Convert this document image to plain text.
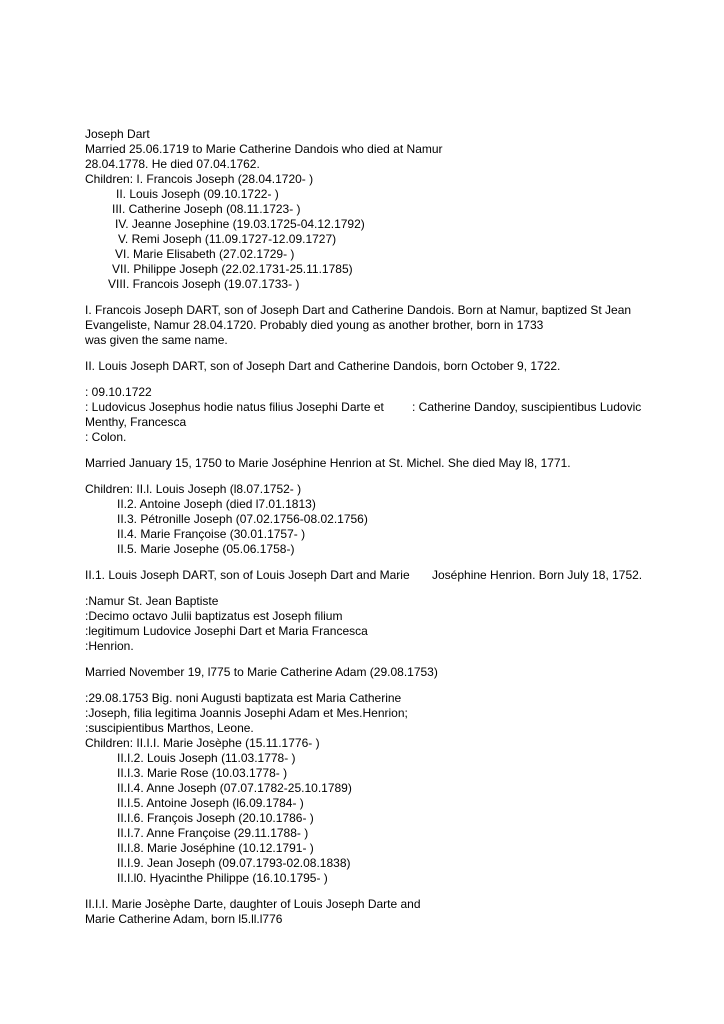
Joseph Dart
Married 25.06.1719 to Marie Catherine Dandois who died at Namur
28.04.1778. He died 07.04.1762.
Children: I. Francois Joseph (28.04.1720- )
II. Louis Joseph (09.10.1722- )
III. Catherine Joseph (08.11.1723- )
IV. Jeanne Josephine (19.03.1725-04.12.1792)
V. Remi Joseph (11.09.1727-12.09.1727)
VI. Marie Elisabeth (27.02.1729- )
VII. Philippe Joseph (22.02.1731-25.11.1785)
VIII. Francois Joseph (19.07.1733- )
I. Francois Joseph DART, son of Joseph Dart and Catherine Dandois. Born at Namur, baptized St Jean
Evangeliste, Namur 28.04.1720. Probably died young as another brother, born in 1733
was given the same name.
II. Louis Joseph DART, son of Joseph Dart and Catherine Dandois, born October 9, 1722.
: 09.10.1722
: Ludovicus Josephus hodie natus filius Josephi Darte et : Catherine Dandoy, suscipientibus Ludovic
Menthy, Francesca
: Colon.
Married January 15, 1750 to Marie Joséphine Henrion at St. Michel. She died May l8, 1771.
Children: II.l. Louis Joseph (l8.07.1752- )
II.2. Antoine Joseph (died l7.01.1813)
II.3. Pétronille Joseph (07.02.1756-08.02.1756)
II.4. Marie Françoise (30.01.1757- )
II.5. Marie Josephe (05.06.1758-)
II.1. Louis Joseph DART, son of Louis Joseph Dart and Marie Joséphine Henrion. Born July 18, 1752.
:Namur St. Jean Baptiste
:Decimo octavo Julii baptizatus est Joseph filium
:legitimum Ludovice Josephi Dart et Maria Francesca
:Henrion.
Married November 19, l775 to Marie Catherine Adam (29.08.1753)
:29.08.1753 Big. noni Augusti baptizata est Maria Catherine
:Joseph, filia legitima Joannis Josephi Adam et Mes.Henrion;
:suscipientibus Marthos, Leone.
Children: II.I.I. Marie Josèphe (15.11.1776- )
II.I.2. Louis Joseph (11.03.1778- )
II.I.3. Marie Rose (10.03.1778- )
II.I.4. Anne Joseph (07.07.1782-25.10.1789)
II.I.5. Antoine Joseph (l6.09.1784- )
II.I.6. François Joseph (20.10.1786- )
II.I.7. Anne Françoise (29.11.1788- )
II.I.8. Marie Joséphine (10.12.1791- )
II.I.9. Jean Joseph (09.07.1793-02.08.1838)
II.I.l0. Hyacinthe Philippe (16.10.1795- )
II.I.I. Marie Josèphe Darte, daughter of Louis Joseph Darte and
Marie Catherine Adam, born l5.ll.l776
